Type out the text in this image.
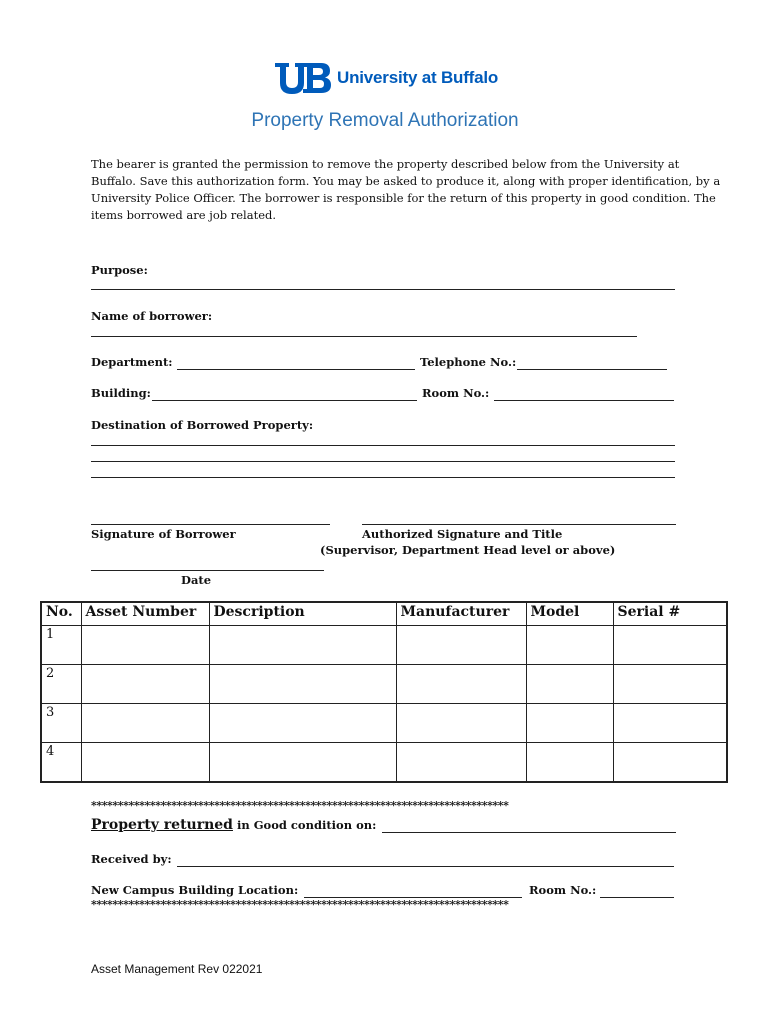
University at Buffalo
Property Removal Authorization
The bearer is granted the permission to remove the property described below from the University at Buffalo. Save this authorization form. You may be asked to produce it, along with proper identification, by a University Police Officer. The borrower is responsible for the return of this property in good condition. The items borrowed are job related.
Purpose:
Name of borrower:
Department:	Telephone No.:
Building:	Room No.:
Destination of Borrowed Property:
Signature of Borrower	Authorized Signature and Title
(Supervisor, Department Head level or above)
Date
No.	Asset Number	Description	Manufacturer	Model	Serial #
1					
2					
3					
4					
******************************************************************************
Property returned in Good condition on:
Received by:
New Campus Building Location:	Room No.:
******************************************************************************
Asset Management Rev 022021
